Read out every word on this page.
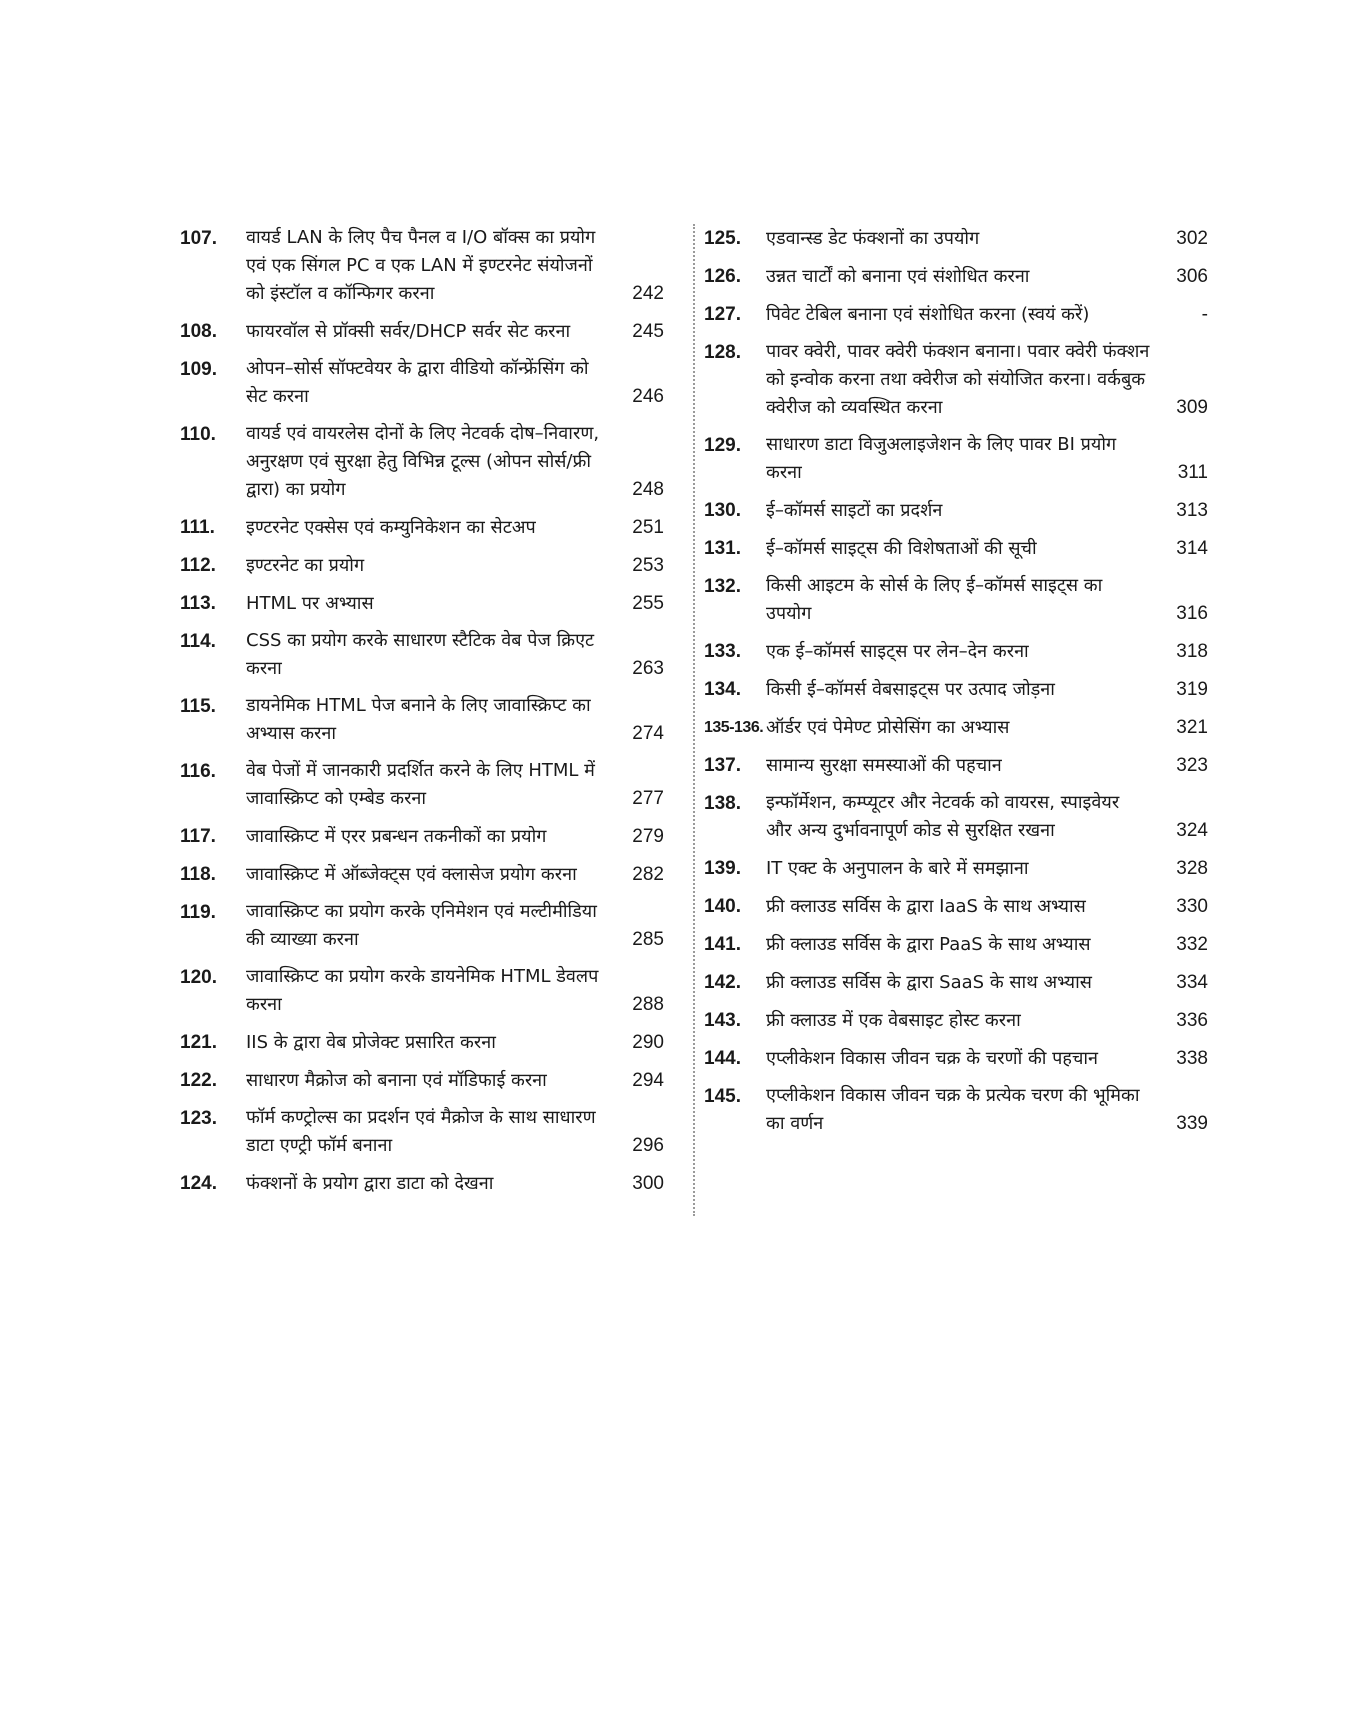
107.	वायर्ड LAN के लिए पैच पैनल व I/O बॉक्स का प्रयोग एवं एक सिंगल PC व एक LAN में इण्टरनेट संयोजनों को इंस्टॉल व कॉन्फिगर करना	242
108.	फायरवॉल से प्रॉक्सी सर्वर/DHCP सर्वर सेट करना	245
109.	ओपन–सोर्स सॉफ्टवेयर के द्वारा वीडियो कॉन्फ्रेंसिंग को सेट करना	246
110.	वायर्ड एवं वायरलेस दोनों के लिए नेटवर्क दोष–निवारण, अनुरक्षण एवं सुरक्षा हेतु विभिन्न टूल्स (ओपन सोर्स/फ्री द्वारा) का प्रयोग	248
111.	इण्टरनेट एक्सेस एवं कम्युनिकेशन का सेटअप	251
112.	इण्टरनेट का प्रयोग	253
113.	HTML पर अभ्यास	255
114.	CSS का प्रयोग करके साधारण स्टैटिक वेब पेज क्रिएट करना	263
115.	डायनेमिक HTML पेज बनाने के लिए जावास्क्रिप्ट का अभ्यास करना	274
116.	वेब पेजों में जानकारी प्रदर्शित करने के लिए HTML में जावास्क्रिप्ट को एम्बेड करना	277
117.	जावास्क्रिप्ट में एरर प्रबन्धन तकनीकों का प्रयोग	279
118.	जावास्क्रिप्ट में ऑब्जेक्ट्स एवं क्लासेज प्रयोग करना	282
119.	जावास्क्रिप्ट का प्रयोग करके एनिमेशन एवं मल्टीमीडिया की व्याख्या करना	285
120.	जावास्क्रिप्ट का प्रयोग करके डायनेमिक HTML डेवलप करना	288
121.	IIS के द्वारा वेब प्रोजेक्ट प्रसारित करना	290
122.	साधारण मैक्रोज को बनाना एवं मॉडिफाई करना	294
123.	फॉर्म कण्ट्रोल्स का प्रदर्शन एवं मैक्रोज के साथ साधारण डाटा एण्ट्री फॉर्म बनाना	296
124.	फंक्शनों के प्रयोग द्वारा डाटा को देखना	300
125.	एडवान्स्ड डेट फंक्शनों का उपयोग	302
126.	उन्नत चार्टों को बनाना एवं संशोधित करना	306
127.	पिवेट टेबिल बनाना एवं संशोधित करना (स्वयं करें)	-
128.	पावर क्वेरी, पावर क्वेरी फंक्शन बनाना। पवार क्वेरी फंक्शन को इन्वोक करना तथा क्वेरीज को संयोजित करना। वर्कबुक क्वेरीज को व्यवस्थित करना	309
129.	साधारण डाटा विजुअलाइजेशन के लिए पावर BI प्रयोग करना	311
130.	ई–कॉमर्स साइटों का प्रदर्शन	313
131.	ई–कॉमर्स साइट्स की विशेषताओं की सूची	314
132.	किसी आइटम के सोर्स के लिए ई–कॉमर्स साइट्स का उपयोग	316
133.	एक ई–कॉमर्स साइट्स पर लेन–देन करना	318
134.	किसी ई–कॉमर्स वेबसाइट्स पर उत्पाद जोड़ना	319
135-136. ऑर्डर एवं पेमेण्ट प्रोसेसिंग का अभ्यास	321
137.	सामान्य सुरक्षा समस्याओं की पहचान	323
138.	इन्फॉर्मेशन, कम्प्यूटर और नेटवर्क को वायरस, स्पाइवेयर और अन्य दुर्भावनापूर्ण कोड से सुरक्षित रखना	324
139.	IT एक्ट के अनुपालन के बारे में समझाना	328
140.	फ्री क्लाउड सर्विस के द्वारा IaaS के साथ अभ्यास	330
141.	फ्री क्लाउड सर्विस के द्वारा PaaS के साथ अभ्यास	332
142.	फ्री क्लाउड सर्विस के द्वारा SaaS के साथ अभ्यास	334
143.	फ्री क्लाउड में एक वेबसाइट होस्ट करना	336
144.	एप्लीकेशन विकास जीवन चक्र के चरणों की पहचान	338
145.	एप्लीकेशन विकास जीवन चक्र के प्रत्येक चरण की भूमिका का वर्णन	339
